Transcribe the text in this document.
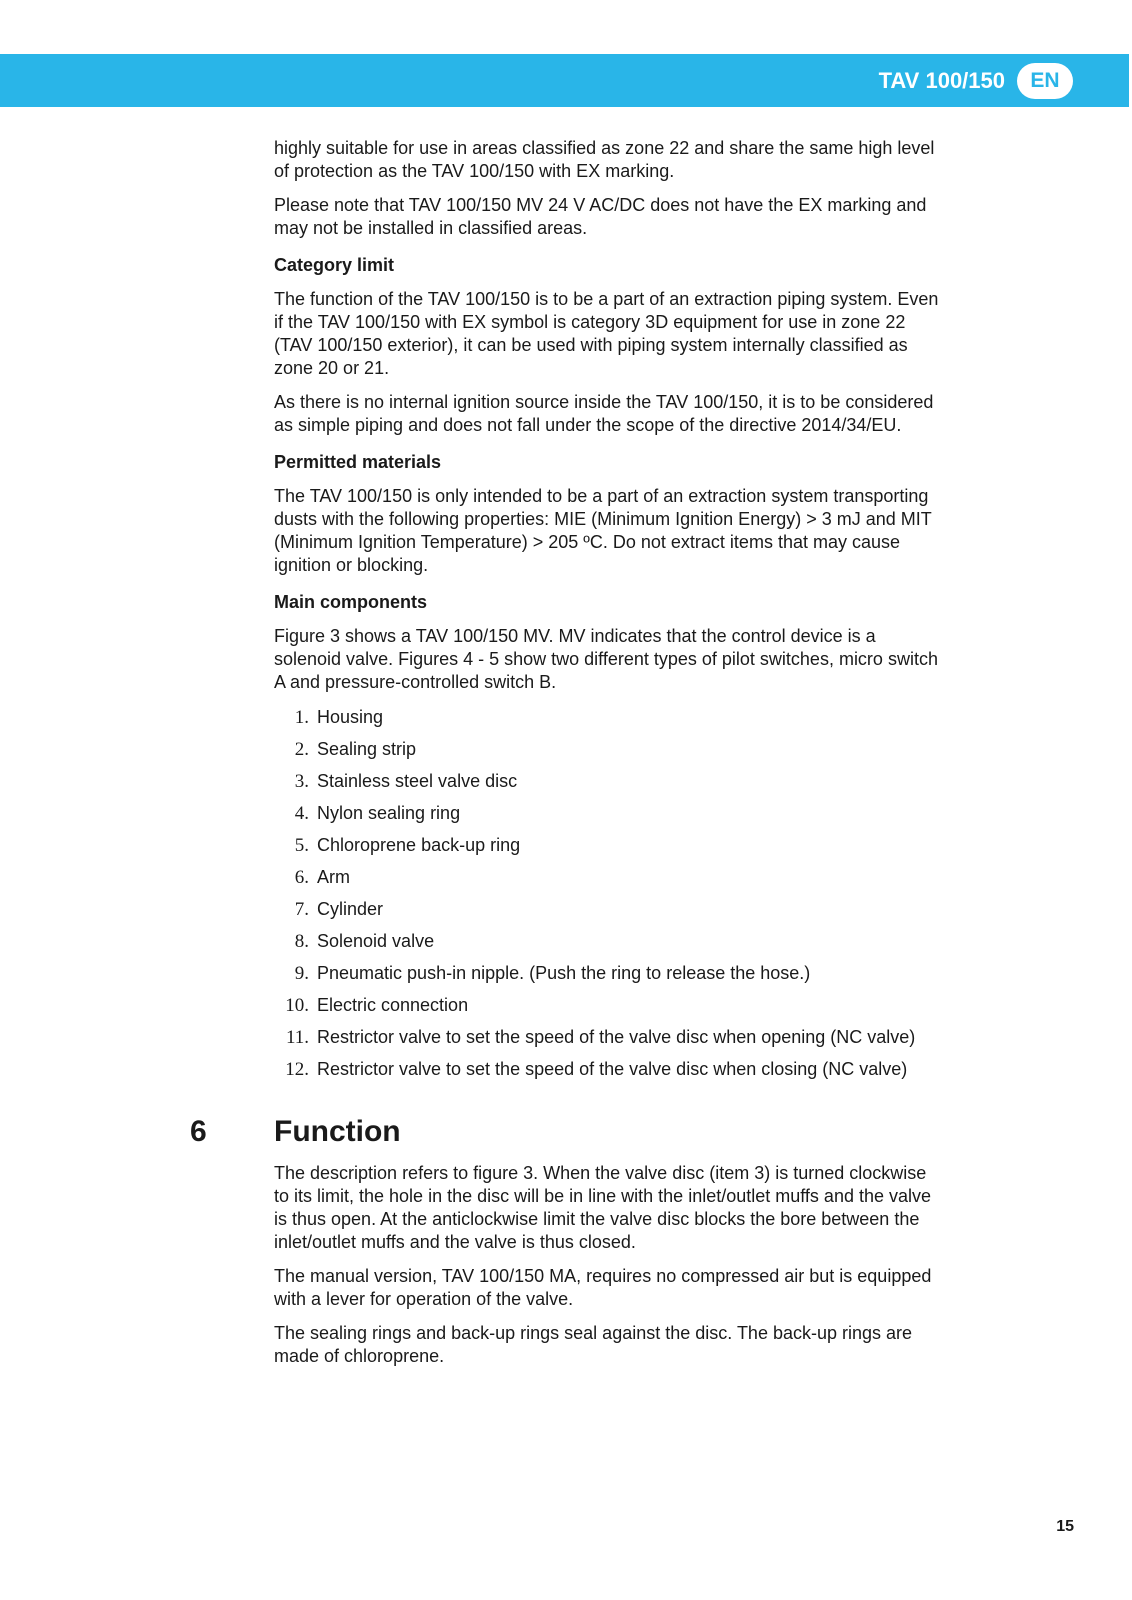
TAV 100/150	EN

highly suitable for use in areas classified as zone 22 and share the same high level of protection as the TAV 100/150 with EX marking.

Please note that TAV 100/150 MV 24 V AC/DC does not have the EX marking and may not be installed in classified areas.

Category limit

The function of the TAV 100/150 is to be a part of an extraction piping system. Even if the TAV 100/150 with EX symbol is category 3D equipment for use in zone 22 (TAV 100/150 exterior), it can be used with piping system internally classified as zone 20 or 21.

As there is no internal ignition source inside the TAV 100/150, it is to be considered as simple piping and does not fall under the scope of the directive 2014/34/EU.

Permitted materials

The TAV 100/150 is only intended to be a part of an extraction system transporting dusts with the following properties: MIE (Minimum Ignition Energy) > 3 mJ and MIT (Minimum Ignition Temperature) > 205 ºC. Do not extract items that may cause ignition or blocking.

Main components

Figure 3 shows a TAV 100/150 MV. MV indicates that the control device is a solenoid valve. Figures 4 - 5 show two different types of pilot switches, micro switch A and pressure-controlled switch B.

1. Housing
2. Sealing strip
3. Stainless steel valve disc
4. Nylon sealing ring
5. Chloroprene back-up ring
6. Arm
7. Cylinder
8. Solenoid valve
9. Pneumatic push-in nipple. (Push the ring to release the hose.)
10. Electric connection
11. Restrictor valve to set the speed of the valve disc when opening (NC valve)
12. Restrictor valve to set the speed of the valve disc when closing (NC valve)
6 Function

The description refers to figure 3. When the valve disc (item 3) is turned clockwise to its limit, the hole in the disc will be in line with the inlet/outlet muffs and the valve is thus open. At the anticlockwise limit the valve disc blocks the bore between the inlet/outlet muffs and the valve is thus closed.

The manual version, TAV 100/150 MA, requires no compressed air but is equipped with a lever for operation of the valve.

The sealing rings and back-up rings seal against the disc. The back-up rings are made of chloroprene.

15
